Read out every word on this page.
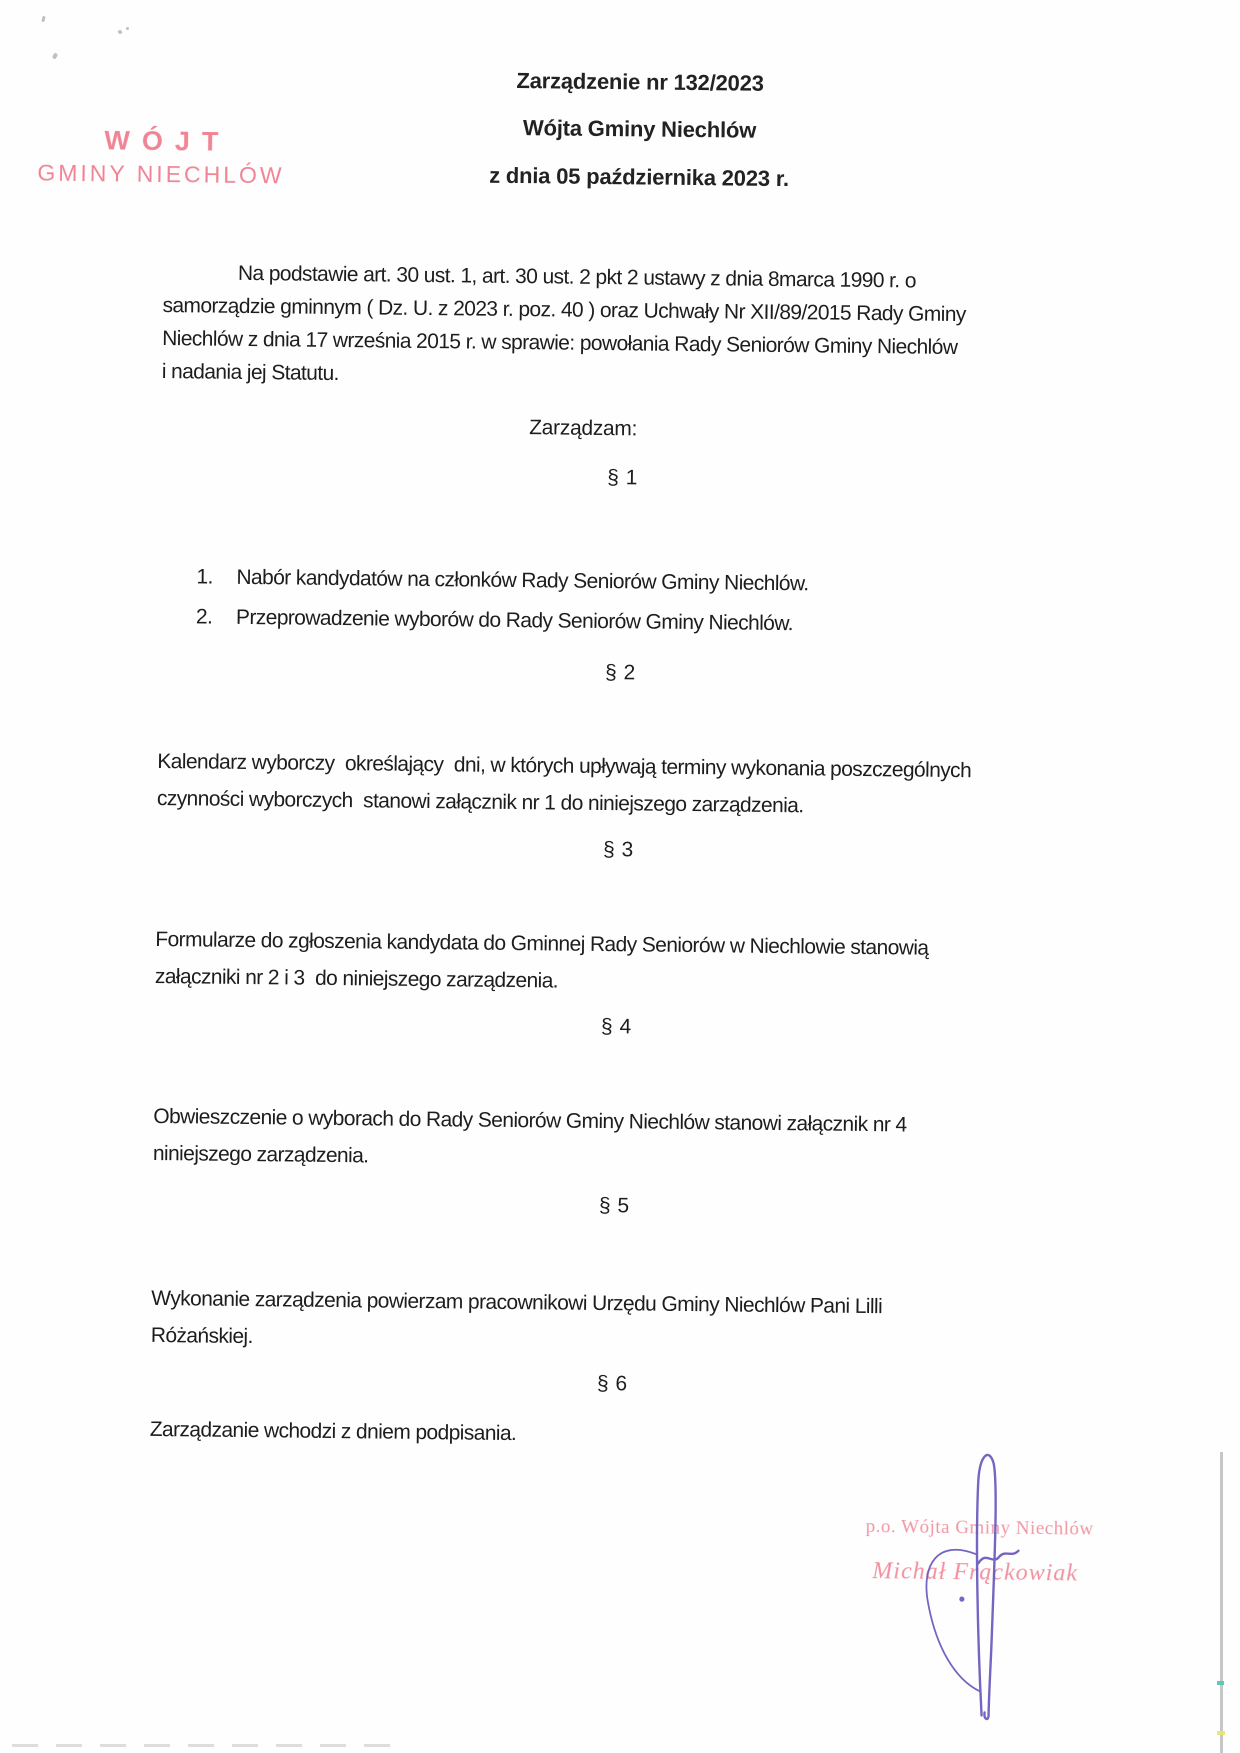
Zarządzenie nr 132/2023
Wójta Gminy Niechlów
z dnia 05 października 2023 r.
WÓJT
GMINY NIECHLÓW
Na podstawie art. 30 ust. 1, art. 30 ust. 2 pkt 2 ustawy z dnia 8marca 1990 r. o
samorządzie gminnym ( Dz. U. z 2023 r. poz. 40 ) oraz Uchwały Nr XII/89/2015 Rady Gminy
Niechlów z dnia 17 września 2015 r. w sprawie: powołania Rady Seniorów Gminy Niechlów
i nadania jej Statutu.
Zarządzam:
§ 1
1. Nabór kandydatów na członków Rady Seniorów Gminy Niechlów.
2. Przeprowadzenie wyborów do Rady Seniorów Gminy Niechlów.
§ 2
Kalendarz wyborczy  określający  dni, w których upływają terminy wykonania poszczególnych
czynności wyborczych  stanowi załącznik nr 1 do niniejszego zarządzenia.
§ 3
Formularze do zgłoszenia kandydata do Gminnej Rady Seniorów w Niechlowie stanowią
załączniki nr 2 i 3  do niniejszego zarządzenia.
§ 4
Obwieszczenie o wyborach do Rady Seniorów Gminy Niechlów stanowi załącznik nr 4
niniejszego zarządzenia.
§ 5
Wykonanie zarządzenia powierzam pracownikowi Urzędu Gminy Niechlów Pani Lilli
Różańskiej.
§ 6
Zarządzanie wchodzi z dniem podpisania.
p.o. Wójta Gminy Niechlów
Michał Frąckowiak
